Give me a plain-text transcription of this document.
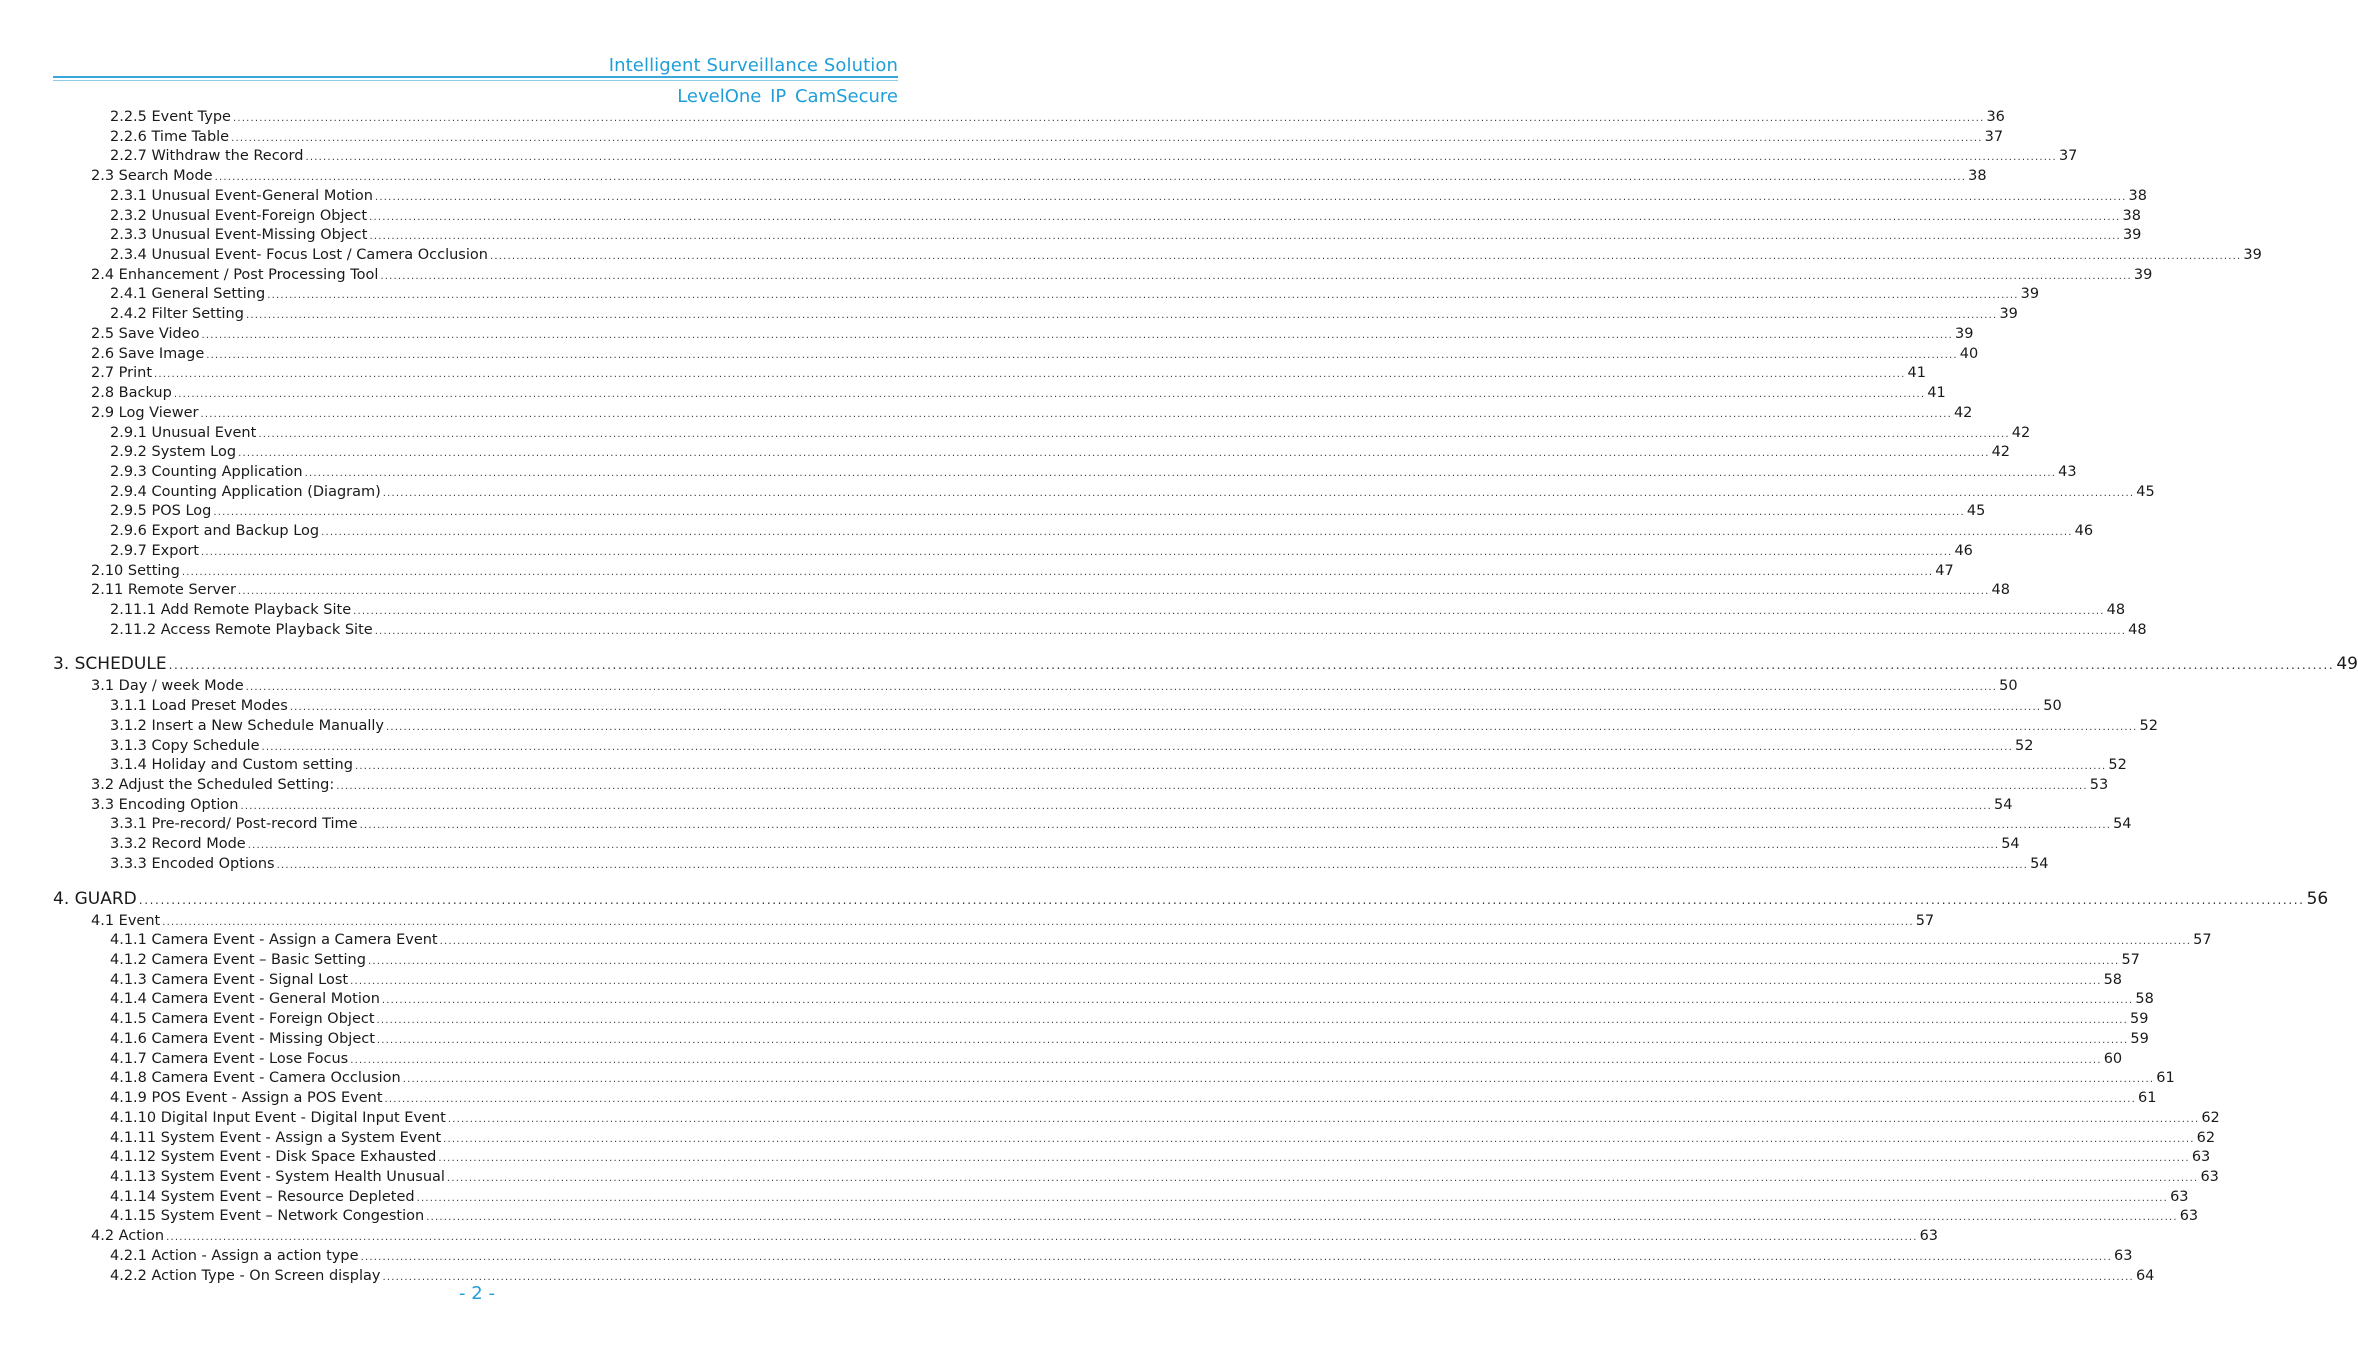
Intelligent Surveillance Solution
LevelOne IP CamSecure
2.2.5 Event Type ................................................................................................................................................................................................................................................................................................................................................................................................................ 36
2.2.6 Time Table ................................................................................................................................................................................................................................................................................................................................................................................................................ 37
2.2.7 Withdraw the Record ................................................................................................................................................................................................................................................................................................................................................................................................................ 37
2.3 Search Mode ................................................................................................................................................................................................................................................................................................................................................................................................................ 38
2.3.1 Unusual Event-General Motion ................................................................................................................................................................................................................................................................................................................................................................................................................ 38
2.3.2 Unusual Event-Foreign Object ................................................................................................................................................................................................................................................................................................................................................................................................................ 38
2.3.3 Unusual Event-Missing Object ................................................................................................................................................................................................................................................................................................................................................................................................................ 39
2.3.4 Unusual Event- Focus Lost / Camera Occlusion ................................................................................................................................................................................................................................................................................................................................................................................................................ 39
2.4 Enhancement / Post Processing Tool ................................................................................................................................................................................................................................................................................................................................................................................................................ 39
2.4.1 General Setting ................................................................................................................................................................................................................................................................................................................................................................................................................ 39
2.4.2 Filter Setting ................................................................................................................................................................................................................................................................................................................................................................................................................ 39
2.5 Save Video ................................................................................................................................................................................................................................................................................................................................................................................................................ 39
2.6 Save Image ................................................................................................................................................................................................................................................................................................................................................................................................................ 40
2.7 Print ................................................................................................................................................................................................................................................................................................................................................................................................................ 41
2.8 Backup ................................................................................................................................................................................................................................................................................................................................................................................................................ 41
2.9 Log Viewer ................................................................................................................................................................................................................................................................................................................................................................................................................ 42
2.9.1 Unusual Event ................................................................................................................................................................................................................................................................................................................................................................................................................ 42
2.9.2 System Log ................................................................................................................................................................................................................................................................................................................................................................................................................ 42
2.9.3 Counting Application ................................................................................................................................................................................................................................................................................................................................................................................................................ 43
2.9.4 Counting Application (Diagram) ................................................................................................................................................................................................................................................................................................................................................................................................................ 45
2.9.5 POS Log ................................................................................................................................................................................................................................................................................................................................................................................................................ 45
2.9.6 Export and Backup Log ................................................................................................................................................................................................................................................................................................................................................................................................................ 46
2.9.7 Export ................................................................................................................................................................................................................................................................................................................................................................................................................ 46
2.10 Setting ................................................................................................................................................................................................................................................................................................................................................................................................................ 47
2.11 Remote Server ................................................................................................................................................................................................................................................................................................................................................................................................................ 48
2.11.1 Add Remote Playback Site ................................................................................................................................................................................................................................................................................................................................................................................................................ 48
2.11.2 Access Remote Playback Site ................................................................................................................................................................................................................................................................................................................................................................................................................ 48
3. SCHEDULE ................................................................................................................................................................................................................................................................................................................................................................................................................ 49
3.1 Day / week Mode ................................................................................................................................................................................................................................................................................................................................................................................................................ 50
3.1.1 Load Preset Modes ................................................................................................................................................................................................................................................................................................................................................................................................................ 50
3.1.2 Insert a New Schedule Manually ................................................................................................................................................................................................................................................................................................................................................................................................................ 52
3.1.3 Copy Schedule ................................................................................................................................................................................................................................................................................................................................................................................................................ 52
3.1.4 Holiday and Custom setting ................................................................................................................................................................................................................................................................................................................................................................................................................ 52
3.2 Adjust the Scheduled Setting: ................................................................................................................................................................................................................................................................................................................................................................................................................ 53
3.3 Encoding Option ................................................................................................................................................................................................................................................................................................................................................................................................................ 54
3.3.1 Pre-record/ Post-record Time ................................................................................................................................................................................................................................................................................................................................................................................................................ 54
3.3.2 Record Mode ................................................................................................................................................................................................................................................................................................................................................................................................................ 54
3.3.3 Encoded Options ................................................................................................................................................................................................................................................................................................................................................................................................................ 54
4. GUARD ................................................................................................................................................................................................................................................................................................................................................................................................................ 56
4.1 Event ................................................................................................................................................................................................................................................................................................................................................................................................................ 57
4.1.1 Camera Event - Assign a Camera Event ................................................................................................................................................................................................................................................................................................................................................................................................................ 57
4.1.2 Camera Event – Basic Setting ................................................................................................................................................................................................................................................................................................................................................................................................................ 57
4.1.3 Camera Event - Signal Lost ................................................................................................................................................................................................................................................................................................................................................................................................................ 58
4.1.4 Camera Event - General Motion ................................................................................................................................................................................................................................................................................................................................................................................................................ 58
4.1.5 Camera Event - Foreign Object ................................................................................................................................................................................................................................................................................................................................................................................................................ 59
4.1.6 Camera Event - Missing Object ................................................................................................................................................................................................................................................................................................................................................................................................................ 59
4.1.7 Camera Event - Lose Focus ................................................................................................................................................................................................................................................................................................................................................................................................................ 60
4.1.8 Camera Event - Camera Occlusion ................................................................................................................................................................................................................................................................................................................................................................................................................ 61
4.1.9 POS Event - Assign a POS Event ................................................................................................................................................................................................................................................................................................................................................................................................................ 61
4.1.10 Digital Input Event - Digital Input Event ................................................................................................................................................................................................................................................................................................................................................................................................................ 62
4.1.11 System Event - Assign a System Event ................................................................................................................................................................................................................................................................................................................................................................................................................ 62
4.1.12 System Event - Disk Space Exhausted ................................................................................................................................................................................................................................................................................................................................................................................................................ 63
4.1.13 System Event - System Health Unusual ................................................................................................................................................................................................................................................................................................................................................................................................................ 63
4.1.14 System Event – Resource Depleted ................................................................................................................................................................................................................................................................................................................................................................................................................ 63
4.1.15 System Event – Network Congestion ................................................................................................................................................................................................................................................................................................................................................................................................................ 63
4.2 Action ................................................................................................................................................................................................................................................................................................................................................................................................................ 63
4.2.1 Action - Assign a action type ................................................................................................................................................................................................................................................................................................................................................................................................................ 63
4.2.2 Action Type - On Screen display ................................................................................................................................................................................................................................................................................................................................................................................................................ 64
- 2 -
